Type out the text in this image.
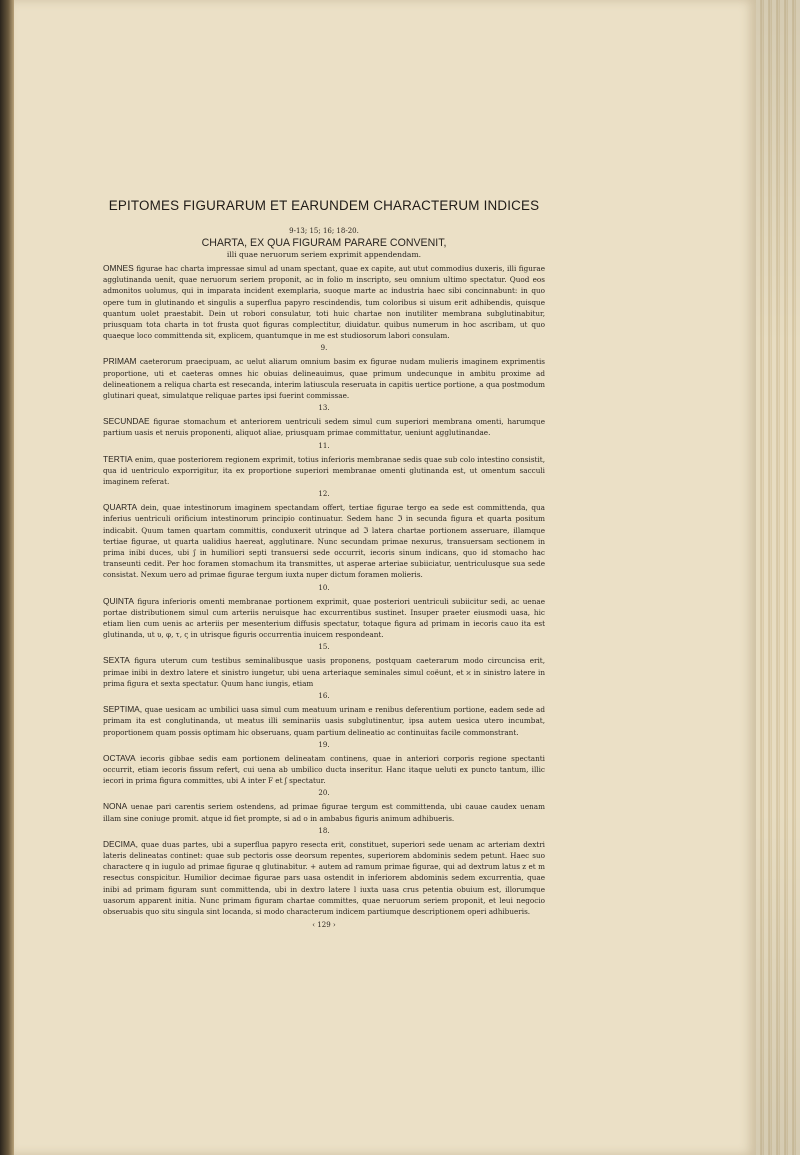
EPITOMES FIGURARUM ET EARUNDEM CHARACTERUM INDICES
9-13; 15; 16; 18-20.
CHARTA, EX QUA FIGURAM PARARE CONVENIT,
illi quae neruorum seriem exprimit appendendam.

OMNES figurae hac charta impressae simul ad unam spectant, quae ex capite, aut utut commodius duxeris, illi figurae agglutinanda uenit, quae neruorum seriem proponit, ac in folio m inscripto, seu omnium ultimo spectatur. Quod eos admonitos uolumus, qui in imparata incident exemplaria, suoque marte ac industria haec sibi concinnabunt: in quo opere tum in glutinando et singulis a superflua papyro rescindendis, tum coloribus si uisum erit adhibendis, quisque quantum uolet praestabit. Dein ut robori consulatur, toti huic chartae non inutiliter membrana subglutinabitur, priusquam tota charta in tot frusta quot figuras complectitur, diuidatur. quibus numerum in hoc ascribam, ut quo quaeque loco committenda sit, explicem, quantumque in me est studiosorum labori consulam.

9.

PRIMAM caeterorum praecipuam, ac uelut aliarum omnium basim ex figurae nudam mulieris imaginem exprimentis proportione, uti et caeteras omnes hic obuias delineauimus, quae primum undecunque in ambitu proxime ad delineationem a reliqua charta est resecanda, interim latiuscula reseruata in capitis uertice portione, a qua postmodum glutinari queat, simulatque reliquae partes ipsi fuerint commissae.

13.

SECUNDAE figurae stomachum et anteriorem uentriculi sedem simul cum superiori membrana omenti, harumque partium uasis et neruis proponenti, aliquot aliae, priusquam primae committatur, ueniunt agglutinandae.

11.

TERTIA enim, quae posteriorem regionem exprimit, totius inferioris membranae sedis quae sub colo intestino consistit, qua id uentriculo exporrigitur, ita ex proportione superiori membranae omenti glutinanda est, ut omentum sacculi imaginem referat.

12.

QUARTA dein, quae intestinorum imaginem spectandam offert, tertiae figurae tergo ea sede est committenda, qua inferius uentriculi orificium intestinorum principio continuatur. Sedem hanc ℑ in secunda figura et quarta positum indicabit. Quum tamen quartam committis, conduxerit utrinque ad ℑ latera chartae portionem asseruare, illamque tertiae figurae, ut quarta ualidius haereat, agglutinare. Nunc secundam primae nexurus, transuersam sectionem in prima inibi duces, ubi ʃ in humiliori septi transuersi sede occurrit, iecoris sinum indicans, quo id stomacho hac transeunti cedit. Per hoc foramen stomachum ita transmittes, ut asperae arteriae subiiciatur, uentriculusque sua sede consistat. Nexum uero ad primae figurae tergum iuxta nuper dictum foramen molieris.

10.

QUINTA figura inferioris omenti membranae portionem exprimit, quae posteriori uentriculi subiicitur sedi, ac uenae portae distributionem simul cum arteriis neruisque hac excurrentibus sustinet. Insuper praeter eiusmodi uasa, hic etiam lien cum uenis ac arteriis per mesenterium diffusis spectatur, totaque figura ad primam in iecoris cauo ita est glutinanda, ut υ, φ, τ, ς in utrisque figuris occurrentia inuicem respondeant.

15.

SEXTA figura uterum cum testibus seminalibusque uasis proponens, postquam caeterarum modo circuncisa erit, primae inibi in dextro latere et sinistro iungetur, ubi uena arteriaque seminales simul coëunt, et ϰ in sinistro latere in prima figura et sexta spectatur. Quum hanc iungis, etiam

16.

SEPTIMA, quae uesicam ac umbilici uasa simul cum meatuum urinam e renibus deferentium portione, eadem sede ad primam ita est conglutinanda, ut meatus illi seminariis uasis subglutinentur, ipsa autem uesica utero incumbat, proportionem quam possis optimam hic obseruans, quam partium delineatio ac continuitas facile commonstrant.

19.

OCTAVA iecoris gibbae sedis eam portionem delineatam continens, quae in anteriori corporis regione spectanti occurrit, etiam iecoris fissum refert, cui uena ab umbilico ducta inseritur. Hanc itaque ueluti ex puncto tantum, illic iecori in prima figura committes, ubi A inter F et ʃ spectatur.

20.

NONA uenae pari carentis seriem ostendens, ad primae figurae tergum est committenda, ubi cauae caudex uenam illam sine coniuge promit. atque id fiet prompte, si ad o in ambabus figuris animum adhibueris.

18.

DECIMA, quae duas partes, ubi a superflua papyro resecta erit, constituet, superiori sede uenam ac arteriam dextri lateris delineatas continet: quae sub pectoris osse deorsum repentes, superiorem abdominis sedem petunt. Haec suo charactere q in iugulo ad primae figurae q glutinabitur. + autem ad ramum primae figurae, qui ad dextrum latus z et m resectus conspicitur. Humilior decimae figurae pars uasa ostendit in inferiorem abdominis sedem excurrentia, quae inibi ad primam figuram sunt committenda, ubi in dextro latere l iuxta uasa crus petentia obuium est, illorumque uasorum apparent initia. Nunc primam figuram chartae committes, quae neruorum seriem proponit, et leui negocio obseruabis quo situ singula sint locanda, si modo characterum indicem partiumque descriptionem operi adhibueris.

‹ 129 ›
